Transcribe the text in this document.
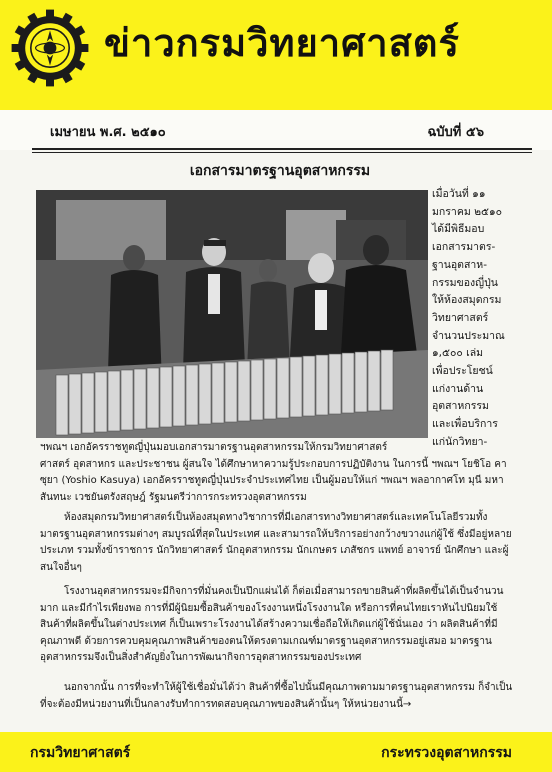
ข่าวกรมวิทยาศาสตร์
เมษายน พ.ศ. ๒๕๑๐	ฉบับที่ ๕๖
เอกสารมาตรฐานอุตสาหกรรม
เมื่อวันที่ ๑๑
มกราคม ๒๕๑๐
ได้มีพิธีมอบ
เอกสารมาตร-
ฐานอุตสาห-
กรรมของญี่ปุ่น
ให้ห้องสมุดกรม
วิทยาศาสตร์
จำนวนประมาณ
๑,๕๐๐ เล่ม
เพื่อประโยชน์
แก่งานด้าน
อุตสาหกรรม
และเพื่อบริการ
แก่นักวิทยา-

ฯพณฯ เอกอัครราชทูตญี่ปุ่นมอบเอกสารมาตรฐานอุตสาหกรรมให้กรมวิทยาศาสตร์

ศาสตร์ อุตสาหกร และประชาชน ผู้สนใจ ได้ศึกษาหาความรู้ประกอบการปฏิบัติงาน ในการนี้ ฯพณฯ โยชิโอ คาซุยา (Yoshio Kasuya) เอกอัครราชทูตญี่ปุ่นประจำประเทศไทย เป็นผู้มอบให้แก่ ฯพณฯ พลอากาศโท มุนี มหาสันทนะ เวชยันตรังสฤษฎ์ รัฐมนตรีว่าการกระทรวงอุตสาหกรรม

ห้องสมุดกรมวิทยาศาสตร์เป็นห้องสมุดทางวิชาการที่มีเอกสารทางวิทยาศาสตร์และเทคโนโลยีรวมทั้งมาตรฐานอุตสาหกรรมต่างๆ สมบูรณ์ที่สุดในประเทศ และสามารถให้บริการอย่างกว้างขวางแก่ผู้ใช้ ซึ่งมีอยู่หลายประเภท รวมทั้งข้าราชการ นักวิทยาศาสตร์ นักอุตสาหกรรม นักเกษตร เภสัชกร แพทย์ อาจารย์ นักศึกษา และผู้สนใจอื่นๆ

โรงงานอุตสาหกรรมจะมีกิจการที่มั่นคงเป็นปึกแผ่นได้ ก็ต่อเมื่อสามารถขายสินค้าที่ผลิตขึ้นได้เป็นจำนวนมาก และมีกำไรเพียงพอ การที่มีผู้นิยมซื้อสินค้าของโรงงานหนึ่งโรงงานใด หรือการที่คนไทยเราหันไปนิยมใช้สินค้าที่ผลิตขึ้นในต่างประเทศ ก็เป็นเพราะโรงงานได้สร้างความเชื่อถือให้เกิดแก่ผู้ใช้นั่นเอง ว่า ผลิตสินค้าที่มีคุณภาพดี ด้วยการควบคุมคุณภาพสินค้าของตนให้ตรงตามเกณฑ์มาตรฐานอุตสาหกรรมอยู่เสมอ มาตรฐานอุตสาหกรรมจึงเป็นสิ่งสำคัญยิ่งในการพัฒนากิจการอุตสาหกรรมของประเทศ

นอกจากนั้น การที่จะทำให้ผู้ใช้เชื่อมั่นได้ว่า สินค้าที่ซื้อไปนั้นมีคุณภาพตามมาตรฐานอุตสาหกรรม ก็จำเป็นที่จะต้องมีหน่วยงานที่เป็นกลางรับทำการทดสอบคุณภาพของสินค้านั้นๆ ให้หน่วยงานนี้→

กรมวิทยาศาสตร์	กระทรวงอุตสาหกรรม
